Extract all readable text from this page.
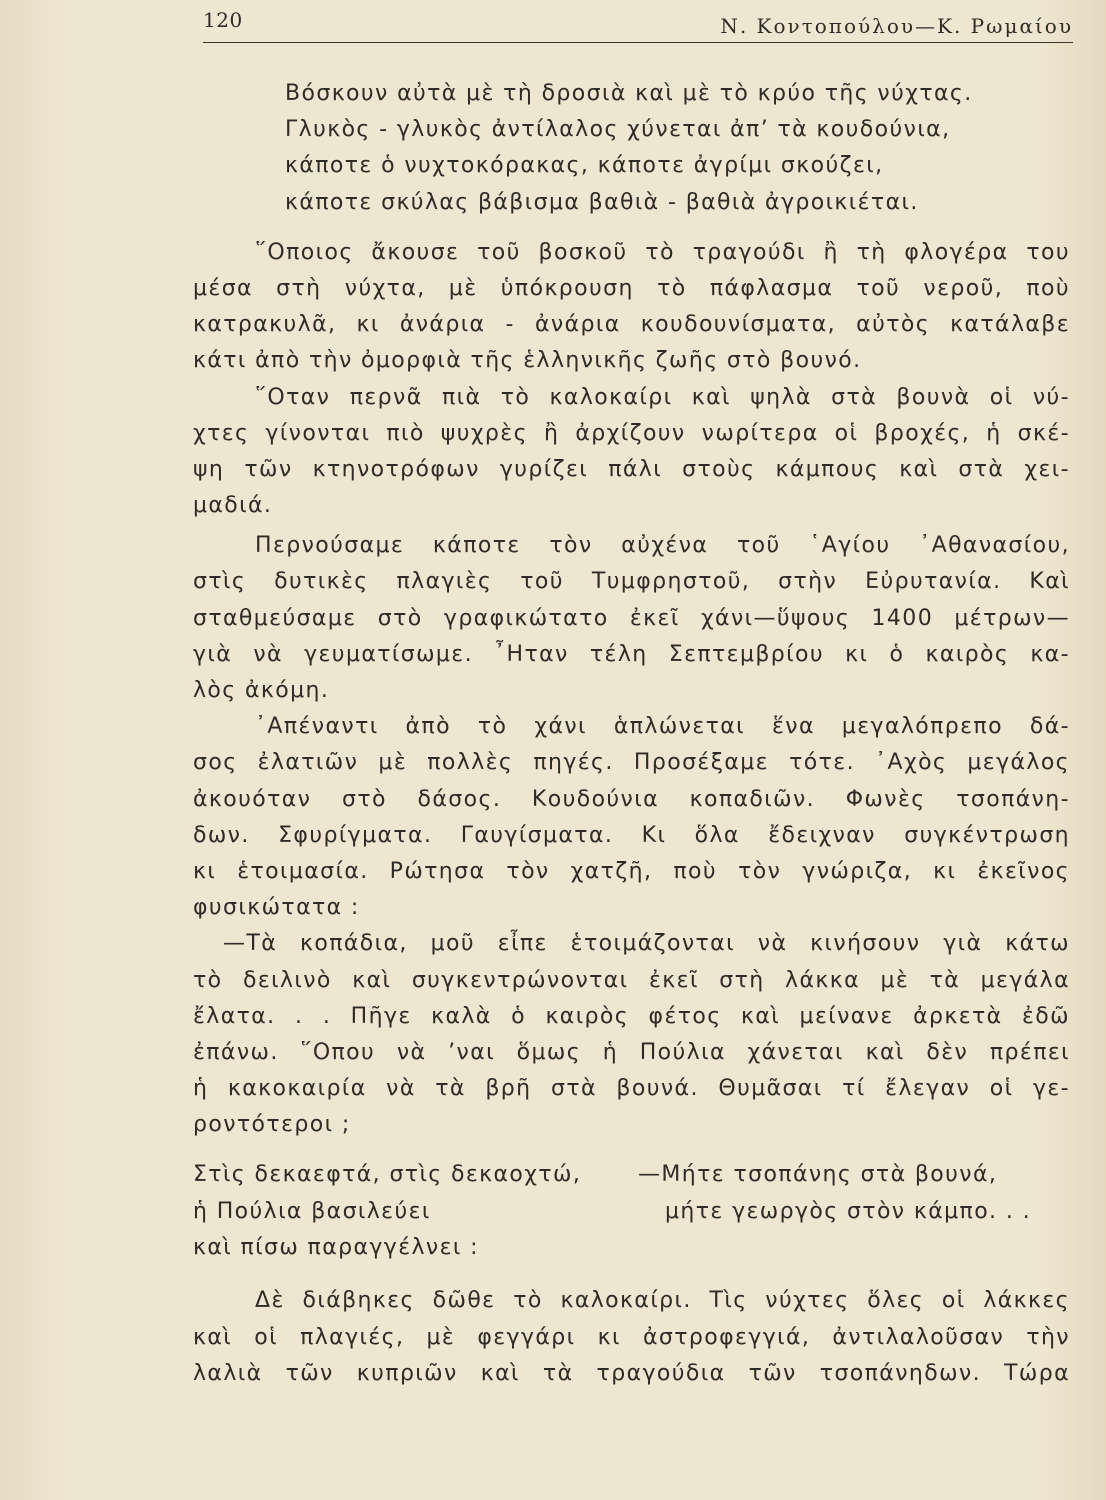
120	Ν. Κοντοπούλου—Κ. Ρωμαίου
Βόσκουν αὐτὰ μὲ τὴ δροσιὰ καὶ μὲ τὸ κρύο τῆς νύχτας.
Γλυκὸς - γλυκὸς ἀντίλαλος χύνεται ἀπ’ τὰ κουδούνια,
κάποτε ὁ νυχτοκόρακας, κάποτε ἀγρίμι σκούζει,
κάποτε σκύλας βάβισμα βαθιὰ - βαθιὰ ἀγροικιέται.
῞Οποιος ἄκουσε τοῦ βοσκοῦ τὸ τραγούδι ἢ τὴ φλογέρα του
μέσα στὴ νύχτα, μὲ ὑπόκρουση τὸ πάφλασμα τοῦ νεροῦ, ποὺ
κατρακυλᾶ, κι ἀνάρια - ἀνάρια κουδουνίσματα, αὐτὸς κατάλαβε
κάτι ἀπὸ τὴν ὀμορφιὰ τῆς ἑλληνικῆς ζωῆς στὸ βουνό.
῞Οταν περνᾶ πιὰ τὸ καλοκαίρι καὶ ψηλὰ στὰ βουνὰ οἱ νύ-
χτες γίνονται πιὸ ψυχρὲς ἢ ἀρχίζουν νωρίτερα οἱ βροχές, ἡ σκέ-
ψη τῶν κτηνοτρόφων γυρίζει πάλι στοὺς κάμπους καὶ στὰ χει-
μαδιά.
Περνούσαμε κάποτε τὸν αὐχένα τοῦ ῾Αγίου ᾿Αθανασίου,
στὶς δυτικὲς πλαγιὲς τοῦ Τυμφρηστοῦ, στὴν Εὐρυτανία. Καὶ
σταθμεύσαμε στὸ γραφικώτατο ἐκεῖ χάνι—ὕψους 1400 μέτρων—
γιὰ νὰ γευματίσωμε. ῏Ηταν τέλη Σεπτεμβρίου κι ὁ καιρὸς κα-
λὸς ἀκόμη.
᾿Απέναντι ἀπὸ τὸ χάνι ἁπλώνεται ἕνα μεγαλόπρεπο δά-
σος ἐλατιῶν μὲ πολλὲς πηγές. Προσέξαμε τότε. ᾿Αχὸς μεγάλος
ἀκουόταν στὸ δάσος. Κουδούνια κοπαδιῶν. Φωνὲς τσοπάνη-
δων. Σφυρίγματα. Γαυγίσματα. Κι ὅλα ἔδειχναν συγκέντρωση
κι ἑτοιμασία. Ρώτησα τὸν χατζῆ, ποὺ τὸν γνώριζα, κι ἐκεῖνος
φυσικώτατα :
—Τὰ κοπάδια, μοῦ εἶπε ἑτοιμάζονται νὰ κινήσουν γιὰ κάτω
τὸ δειλινὸ καὶ συγκεντρώνονται ἐκεῖ στὴ λάκκα μὲ τὰ μεγάλα
ἔλατα. . . Πῆγε καλὰ ὁ καιρὸς φέτος καὶ μείνανε ἀρκετὰ ἐδῶ
ἐπάνω. ῞Οπου νὰ ’ναι ὅμως ἡ Πούλια χάνεται καὶ δὲν πρέπει
ἡ κακοκαιρία νὰ τὰ βρῆ στὰ βουνά. Θυμᾶσαι τί ἔλεγαν οἱ γε-
ροντότεροι ;
Στὶς δεκαεφτά, στὶς δεκαοχτώ,
ἡ Πούλια βασιλεύει
καὶ πίσω παραγγέλνει :
—Μήτε τσοπάνης στὰ βουνά,
μήτε γεωργὸς στὸν κάμπο. . .
Δὲ διάβηκες δῶθε τὸ καλοκαίρι. Τὶς νύχτες ὅλες οἱ λάκκες
καὶ οἱ πλαγιές, μὲ φεγγάρι κι ἀστροφεγγιά, ἀντιλαλοῦσαν τὴν
λαλιὰ τῶν κυπριῶν καὶ τὰ τραγούδια τῶν τσοπάνηδων. Τώρα
